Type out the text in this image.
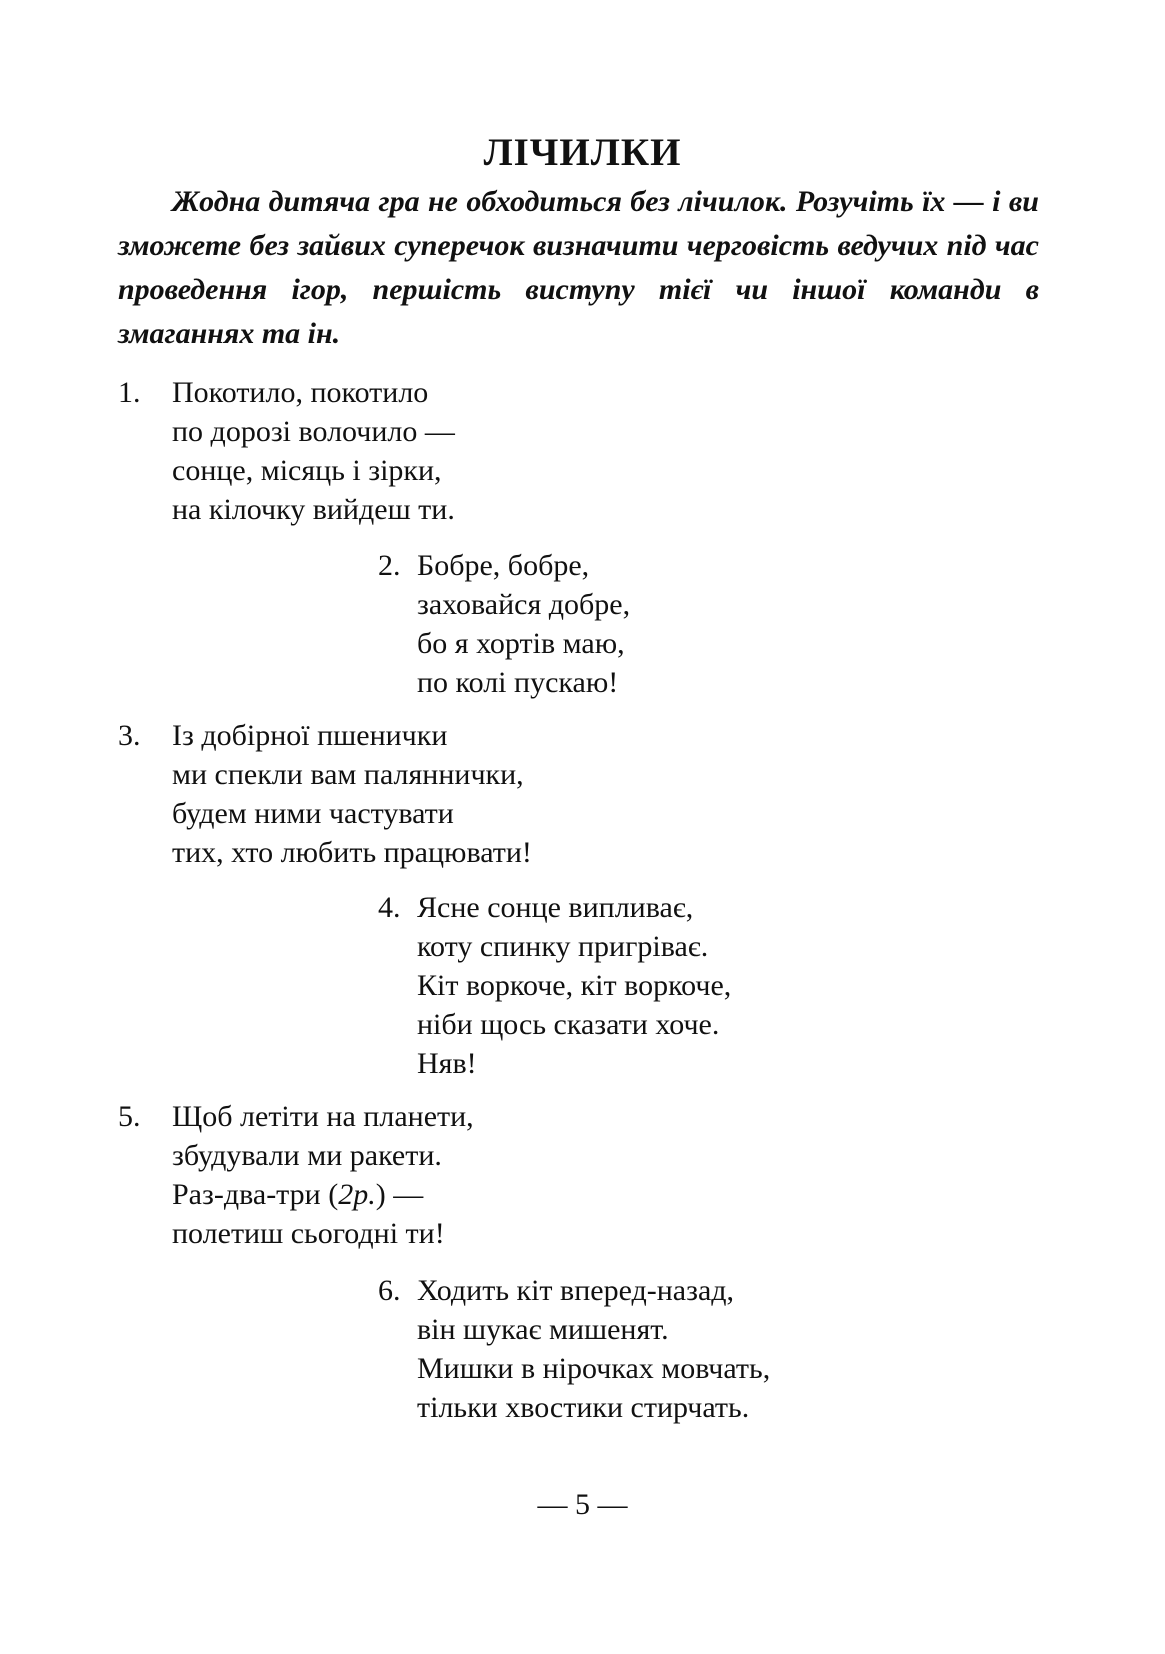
ЛІЧИЛКИ

Жодна дитяча гра не обходиться без лічилок. Розучіть їх — і ви зможете без зайвих суперечок визначити черговість ведучих під час проведення ігор, першість виступу тієї чи іншої команди в змаганнях та ін.

1. Покотило, покотило
по дорозі волочило —
сонце, місяць і зірки,
на кілочку вийдеш ти.
2. Бобре, бобре,
заховайся добре,
бо я хортів маю,
по колі пускаю!
3. Із добірної пшенички
ми спекли вам паляннички,
будем ними частувати
тих, хто любить працювати!
4. Ясне сонце випливає,
коту спинку пригріває.
Кіт воркоче, кіт воркоче,
ніби щось сказати хоче.
Няв!
5. Щоб летіти на планети,
збудували ми ракети.
Раз-два-три (2р.) —
полетиш сьогодні ти!
6. Ходить кіт вперед-назад,
він шукає мишенят.
Мишки в нірочках мовчать,
тільки хвостики стирчать.
— 5 —
